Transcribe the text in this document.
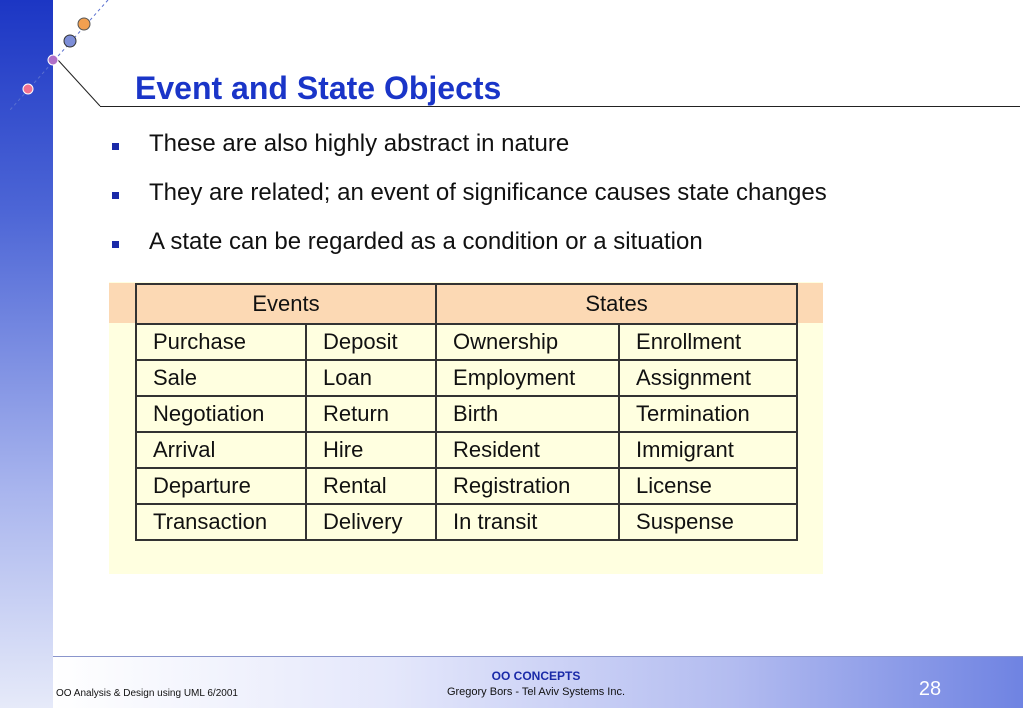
Event and State Objects
These are also highly abstract in nature
They are related; an event of significance causes state changes
A state can be regarded as a condition or a situation
Events		States	
Purchase	Deposit	Ownership	Enrollment
Sale	Loan	Employment	Assignment
Negotiation	Return	Birth	Termination
Arrival	Hire	Resident	Immigrant
Departure	Rental	Registration	License
Transaction	Delivery	In transit	Suspense
OO Analysis & Design using UML 6/2001
OO CONCEPTS
Gregory Bors - Tel Aviv Systems Inc.	28
